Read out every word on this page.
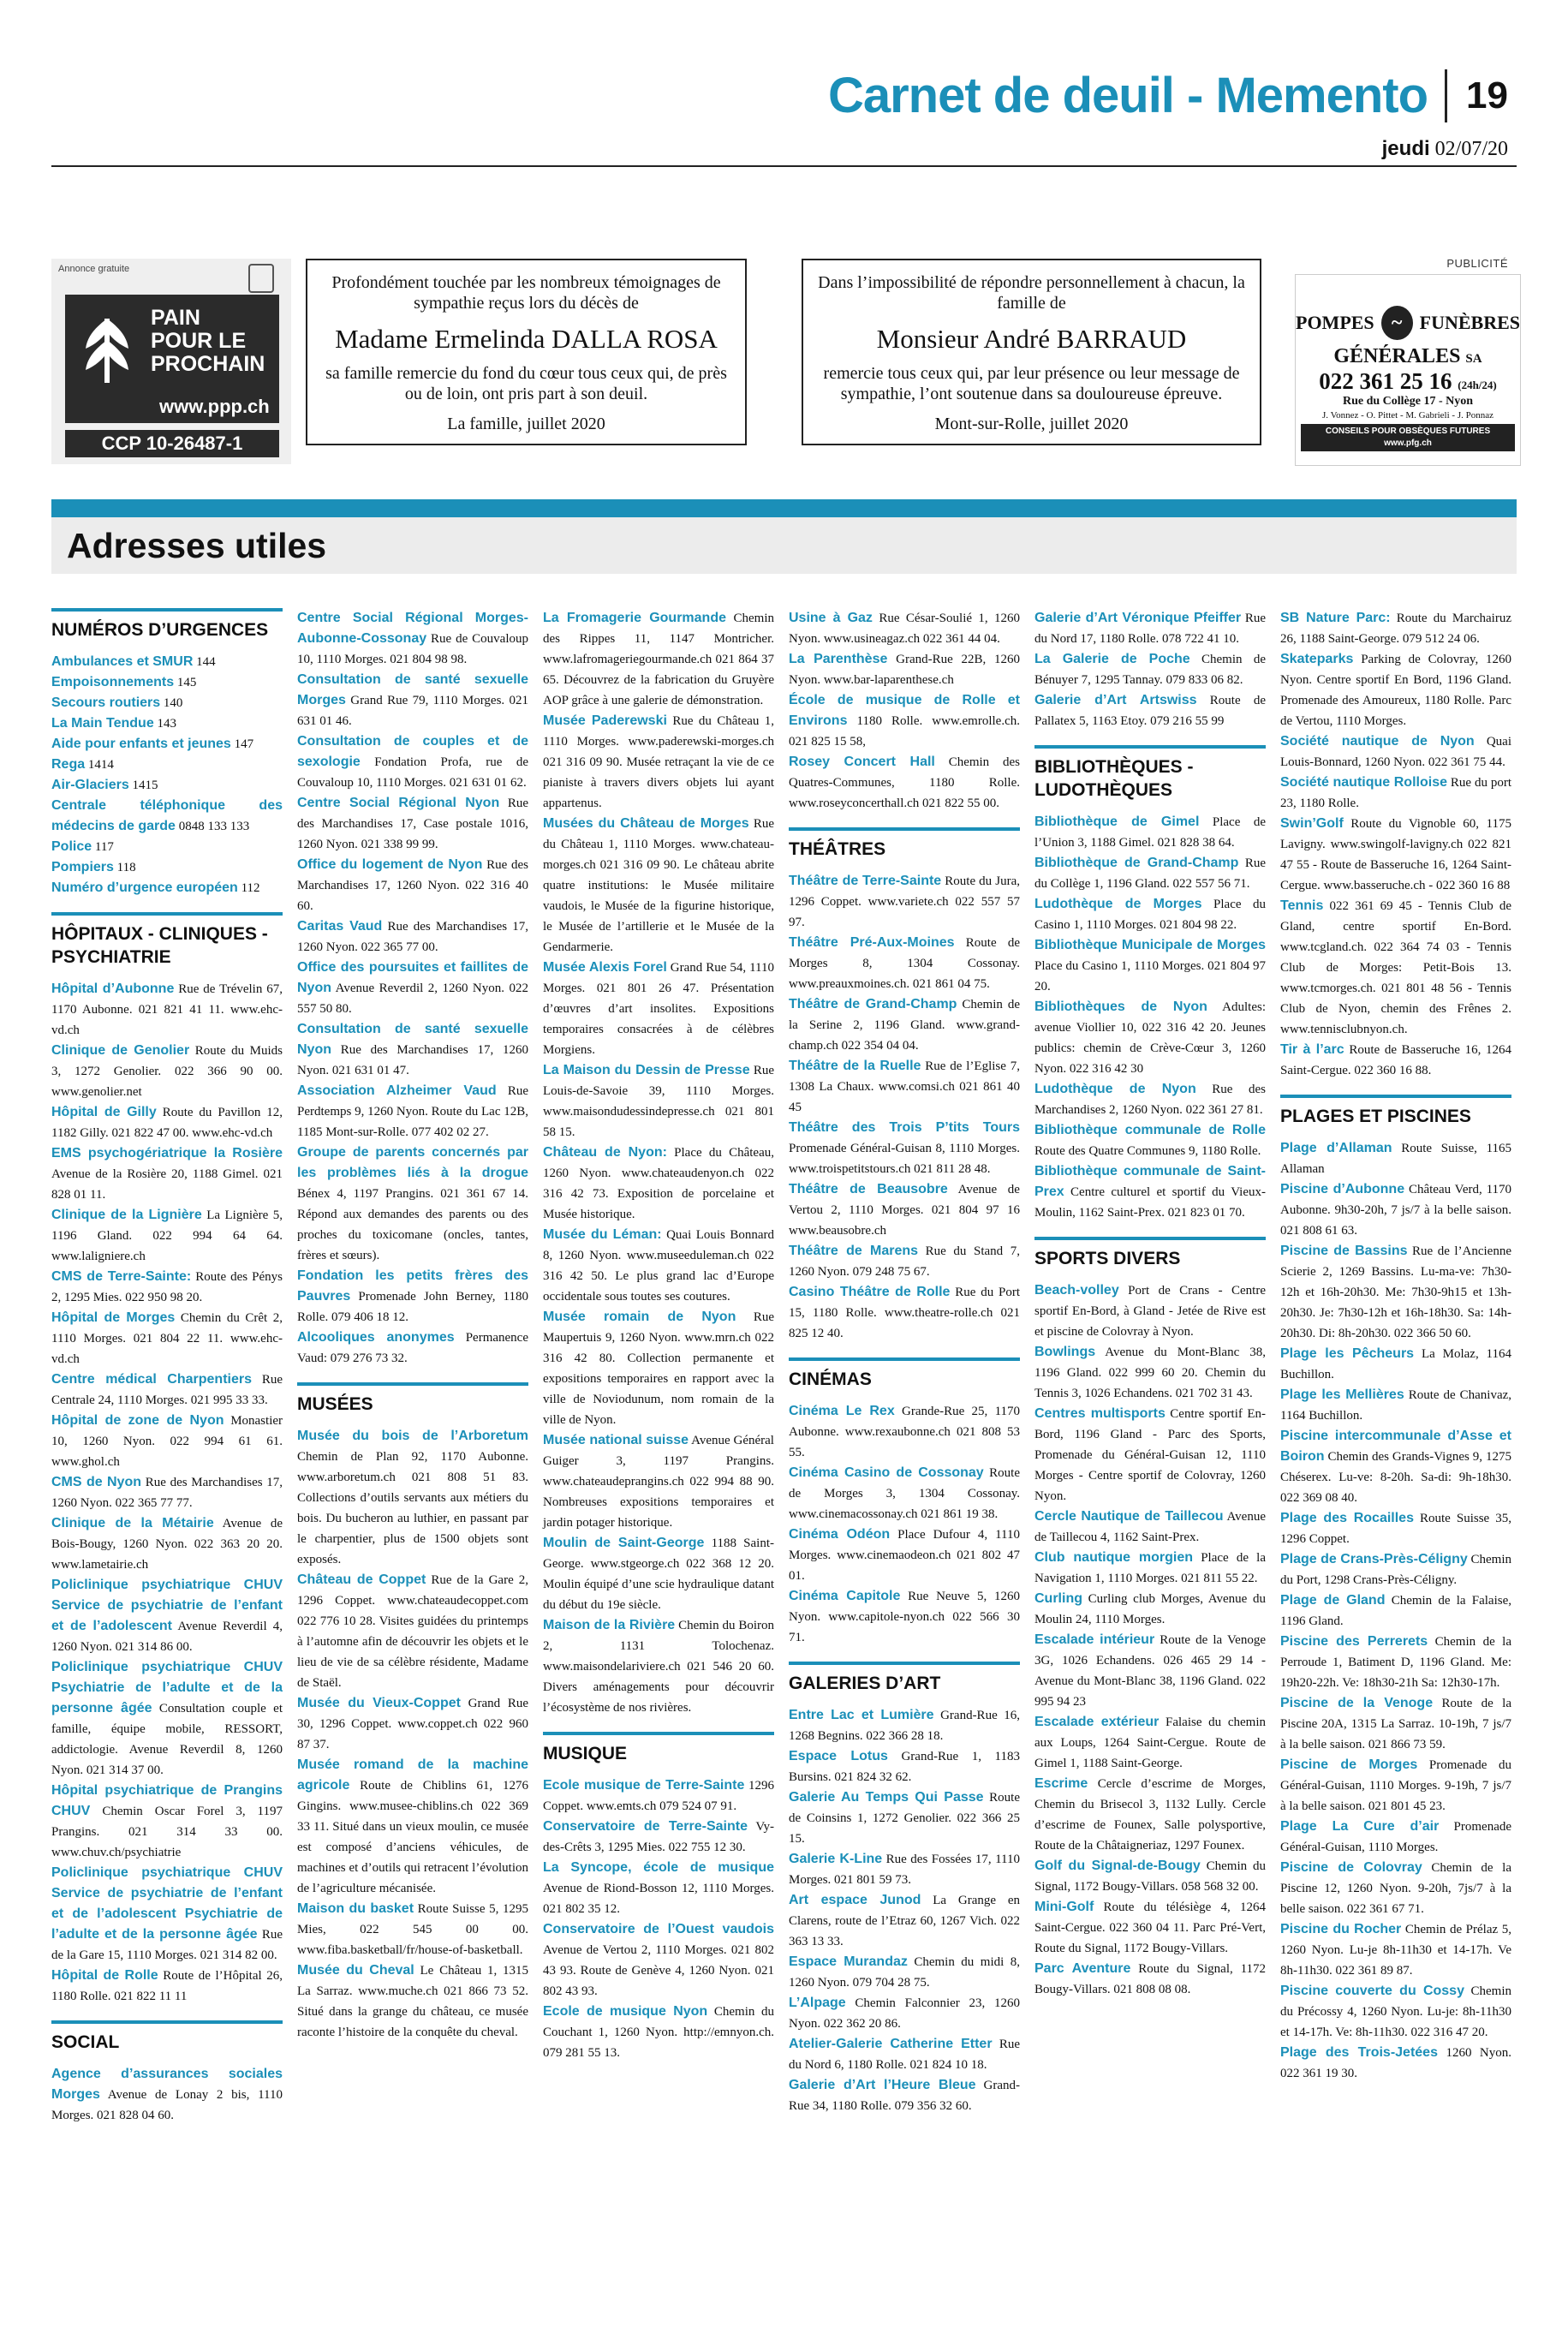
Carnet de deuil - Memento 19
jeudi 02/07/20
PUBLICITÉ
Annonce gratuite
PAIN
POUR LE
PROCHAIN
www.ppp.ch
CCP 10-26487-1
Profondément touchée par les nombreux témoignages de sympathie reçus lors du décès de
Madame Ermelinda DALLA ROSA
sa famille remercie du fond du cœur tous ceux qui, de près ou de loin, ont pris part à son deuil.
La famille, juillet 2020
Dans l’impossibilité de répondre personnellement à chacun, la famille de
Monsieur André BARRAUD
remercie tous ceux qui, par leur présence ou leur message de sympathie, l’ont soutenue dans sa douloureuse épreuve.
Mont-sur-Rolle, juillet 2020
POMPES ~ FUNÈBRES
GÉNÉRALES SA
022 361 25 16 (24h/24)
Rue du Collège 17 - Nyon
J. Vonnez - O. Pittet - M. Gabrieli - J. Ponnaz
CONSEILS POUR OBSÈQUES FUTURES
www.pfg.ch
Adresses utiles
NUMÉROS D’URGENCES

Ambulances et SMUR 144

Empoisonnements 145

Secours routiers 140

La Main Tendue 143

Aide pour enfants et jeunes 147

Rega 1414

Air-Glaciers 1415

Centrale téléphonique des médecins de garde 0848 133 133

Police 117

Pompiers 118

Numéro d’urgence européen 112

HÔPITAUX - CLINIQUES - PSYCHIATRIE

Hôpital d’Aubonne Rue de Trévelin 67, 1170 Aubonne. 021 821 41 11. www.ehc-vd.ch

Clinique de Genolier Route du Muids 3, 1272 Genolier. 022 366 90 00. www.genolier.net

Hôpital de Gilly Route du Pavillon 12, 1182 Gilly. 021 822 47 00. www.ehc-vd.ch

EMS psychogériatrique la Rosière Avenue de la Rosière 20, 1188 Gimel. 021 828 01 11.

Clinique de la Lignière La Lignière 5, 1196 Gland. 022 994 64 64. www.laligniere.ch

CMS de Terre-Sainte: Route des Pénys 2, 1295 Mies. 022 950 98 20.

Hôpital de Morges Chemin du Crêt 2, 1110 Morges. 021 804 22 11. www.ehc-vd.ch

Centre médical Charpentiers Rue Centrale 24, 1110 Morges. 021 995 33 33.

Hôpital de zone de Nyon Monastier 10, 1260 Nyon. 022 994 61 61. www.ghol.ch

CMS de Nyon Rue des Marchandises 17, 1260 Nyon. 022 365 77 77.

Clinique de la Métairie Avenue de Bois-Bougy, 1260 Nyon. 022 363 20 20. www.lametairie.ch

Policlinique psychiatrique CHUV Service de psychiatrie de l’enfant et de l’adolescent Avenue Reverdil 4, 1260 Nyon. 021 314 86 00.

Policlinique psychiatrique CHUV Psychiatrie de l’adulte et de la personne âgée Consultation couple et famille, équipe mobile, RESSORT, addictologie. Avenue Reverdil 8, 1260 Nyon. 021 314 37 00.

Hôpital psychiatrique de Prangins CHUV Chemin Oscar Forel 3, 1197 Prangins. 021 314 33 00. www.chuv.ch/psychiatrie

Policlinique psychiatrique CHUV Service de psychiatrie de l’enfant et de l’adolescent Psychiatrie de l’adulte et de la personne âgée Rue de la Gare 15, 1110 Morges. 021 314 82 00.

Hôpital de Rolle Route de l’Hôpital 26, 1180 Rolle. 021 822 11 11

SOCIAL

Agence d’assurances sociales Morges Avenue de Lonay 2 bis, 1110 Morges. 021 828 04 60.

Centre Social Régional Morges-Aubonne-Cossonay Rue de Couvaloup 10, 1110 Morges. 021 804 98 98.

Consultation de santé sexuelle Morges Grand Rue 79, 1110 Morges. 021 631 01 46.

Consultation de couples et de sexologie Fondation Profa, rue de Couvaloup 10, 1110 Morges. 021 631 01 62.

Centre Social Régional Nyon Rue des Marchandises 17, Case postale 1016, 1260 Nyon. 021 338 99 99.

Office du logement de Nyon Rue des Marchandises 17, 1260 Nyon. 022 316 40 60.

Caritas Vaud Rue des Marchandises 17, 1260 Nyon. 022 365 77 00.

Office des poursuites et faillites de Nyon Avenue Reverdil 2, 1260 Nyon. 022 557 50 80.

Consultation de santé sexuelle Nyon Rue des Marchandises 17, 1260 Nyon. 021 631 01 47.

Association Alzheimer Vaud Rue Perdtemps 9, 1260 Nyon. Route du Lac 12B, 1185 Mont-sur-Rolle. 077 402 02 27.

Groupe de parents concernés par les problèmes liés à la drogue Bénex 4, 1197 Prangins. 021 361 67 14. Répond aux demandes des parents ou des proches du toxicomane (oncles, tantes, frères et sœurs).

Fondation les petits frères des Pauvres Promenade John Berney, 1180 Rolle. 079 406 18 12.

Alcooliques anonymes Permanence Vaud: 079 276 73 32.

MUSÉES

Musée du bois de l’Arboretum Chemin de Plan 92, 1170 Aubonne. www.arboretum.ch 021 808 51 83. Collections d’outils servants aux métiers du bois. Du bucheron au luthier, en passant par le charpentier, plus de 1500 objets sont exposés.

Château de Coppet Rue de la Gare 2, 1296 Coppet. www.chateaudecoppet.com 022 776 10 28. Visites guidées du printemps à l’automne afin de découvrir les objets et le lieu de vie de sa célèbre résidente, Madame de Staël.

Musée du Vieux-Coppet Grand Rue 30, 1296 Coppet. www.coppet.ch 022 960 87 37.

Musée romand de la machine agricole Route de Chiblins 61, 1276 Gingins. www.musee-chiblins.ch 022 369 33 11. Situé dans un vieux moulin, ce musée est composé d’anciens véhicules, de machines et d’outils qui retracent l’évolution de l’agriculture mécanisée.

Maison du basket Route Suisse 5, 1295 Mies, 022 545 00 00. www.fiba.basketball/fr/house-of-basketball.

Musée du Cheval Le Château 1, 1315 La Sarraz. www.muche.ch 021 866 73 52. Situé dans la grange du château, ce musée raconte l’histoire de la conquête du cheval.

La Fromagerie Gourmande Chemin des Rippes 11, 1147 Montricher. www.lafromageriegourmande.ch 021 864 37 65. Découvrez de la fabrication du Gruyère AOP grâce à une galerie de démonstration.

Musée Paderewski Rue du Château 1, 1110 Morges. www.paderewski-morges.ch 021 316 09 90. Musée retraçant la vie de ce pianiste à travers divers objets lui ayant appartenus.

Musées du Château de Morges Rue du Château 1, 1110 Morges. www.chateau-morges.ch 021 316 09 90. Le château abrite quatre institutions: le Musée militaire vaudois, le Musée de la figurine historique, le Musée de l’artillerie et le Musée de la Gendarmerie.

Musée Alexis Forel Grand Rue 54, 1110 Morges. 021 801 26 47. Présentation d’œuvres d’art insolites. Expositions temporaires consacrées à de célèbres Morgiens.

La Maison du Dessin de Presse Rue Louis-de-Savoie 39, 1110 Morges. www.maisondudessindepresse.ch 021 801 58 15.

Château de Nyon: Place du Château, 1260 Nyon. www.chateaudenyon.ch 022 316 42 73. Exposition de porcelaine et Musée historique.

Musée du Léman: Quai Louis Bonnard 8, 1260 Nyon. www.museeduleman.ch 022 316 42 50. Le plus grand lac d’Europe occidentale sous toutes ses coutures.

Musée romain de Nyon Rue Maupertuis 9, 1260 Nyon. www.mrn.ch 022 316 42 80. Collection permanente et expositions temporaires en rapport avec la ville de Noviodunum, nom romain de la ville de Nyon.

Musée national suisse Avenue Général Guiger 3, 1197 Prangins. www.chateaudeprangins.ch 022 994 88 90. Nombreuses expositions temporaires et jardin potager historique.

Moulin de Saint-George 1188 Saint-George. www.stgeorge.ch 022 368 12 20. Moulin équipé d’une scie hydraulique datant du début du 19e siècle.

Maison de la Rivière Chemin du Boiron 2, 1131 Tolochenaz. www.maisondelariviere.ch 021 546 20 60. Divers aménagements pour découvrir l’écosystème de nos rivières.

MUSIQUE

Ecole musique de Terre-Sainte 1296 Coppet. www.emts.ch 079 524 07 91.

Conservatoire de Terre-Sainte Vy-des-Crêts 3, 1295 Mies. 022 755 12 30.

La Syncope, école de musique Avenue de Riond-Bosson 12, 1110 Morges. 021 802 35 12.

Conservatoire de l’Ouest vaudois Avenue de Vertou 2, 1110 Morges. 021 802 43 93. Route de Genève 4, 1260 Nyon. 021 802 43 93.

Ecole de musique Nyon Chemin du Couchant 1, 1260 Nyon. http://emnyon.ch. 079 281 55 13.

Usine à Gaz Rue César-Soulié 1, 1260 Nyon. www.usineagaz.ch 022 361 44 04.

La Parenthèse Grand-Rue 22B, 1260 Nyon. www.bar-laparenthese.ch

École de musique de Rolle et Environs 1180 Rolle. www.emrolle.ch. 021 825 15 58,

Rosey Concert Hall Chemin des Quatres-Communes, 1180 Rolle. www.roseyconcerthall.ch 021 822 55 00.

THÉÂTRES

Théâtre de Terre-Sainte Route du Jura, 1296 Coppet. www.variete.ch 022 557 57 97.

Théâtre Pré-Aux-Moines Route de Morges 8, 1304 Cossonay. www.preauxmoines.ch. 021 861 04 75.

Théâtre de Grand-Champ Chemin de la Serine 2, 1196 Gland. www.grand-champ.ch 022 354 04 04.

Théâtre de la Ruelle Rue de l’Eglise 7, 1308 La Chaux. www.comsi.ch 021 861 40 45

Théâtre des Trois P’tits Tours Promenade Général-Guisan 8, 1110 Morges. www.troispetitstours.ch 021 811 28 48.

Théâtre de Beausobre Avenue de Vertou 2, 1110 Morges. 021 804 97 16 www.beausobre.ch

Théâtre de Marens Rue du Stand 7, 1260 Nyon. 079 248 75 67.

Casino Théâtre de Rolle Rue du Port 15, 1180 Rolle. www.theatre-rolle.ch 021 825 12 40.

CINÉMAS

Cinéma Le Rex Grande-Rue 25, 1170 Aubonne. www.rexaubonne.ch 021 808 53 55.

Cinéma Casino de Cossonay Route de Morges 3, 1304 Cossonay. www.cinemacossonay.ch 021 861 19 38.

Cinéma Odéon Place Dufour 4, 1110 Morges. www.cinemaodeon.ch 021 802 47 01.

Cinéma Capitole Rue Neuve 5, 1260 Nyon. www.capitole-nyon.ch 022 566 30 71.

GALERIES D’ART

Entre Lac et Lumière Grand-Rue 16, 1268 Begnins. 022 366 28 18.

Espace Lotus Grand-Rue 1, 1183 Bursins. 021 824 32 62.

Galerie Au Temps Qui Passe Route de Coinsins 1, 1272 Genolier. 022 366 25 15.

Galerie K-Line Rue des Fossées 17, 1110 Morges. 021 801 59 73.

Art espace Junod La Grange en Clarens, route de l’Etraz 60, 1267 Vich. 022 363 13 33.

Espace Murandaz Chemin du midi 8, 1260 Nyon. 079 704 28 75.

L’Alpage Chemin Falconnier 23, 1260 Nyon. 022 362 20 86.

Atelier-Galerie Catherine Etter Rue du Nord 6, 1180 Rolle. 021 824 10 18.

Galerie d’Art l’Heure Bleue Grand-Rue 34, 1180 Rolle. 079 356 32 60.

Galerie d’Art Véronique Pfeiffer Rue du Nord 17, 1180 Rolle. 078 722 41 10.

La Galerie de Poche Chemin de Bénuyer 7, 1295 Tannay. 079 833 06 82.

Galerie d’Art Artswiss Route de Pallatex 5, 1163 Etoy. 079 216 55 99

BIBLIOTHÈQUES - LUDOTHÈQUES

Bibliothèque de Gimel Place de l’Union 3, 1188 Gimel. 021 828 38 64.

Bibliothèque de Grand-Champ Rue du Collège 1, 1196 Gland. 022 557 56 71.

Ludothèque de Morges Place du Casino 1, 1110 Morges. 021 804 98 22.

Bibliothèque Municipale de Morges Place du Casino 1, 1110 Morges. 021 804 97 20.

Bibliothèques de Nyon Adultes: avenue Viollier 10, 022 316 42 20. Jeunes publics: chemin de Crève-Cœur 3, 1260 Nyon. 022 316 42 30

Ludothèque de Nyon Rue des Marchandises 2, 1260 Nyon. 022 361 27 81.

Bibliothèque communale de Rolle Route des Quatre Communes 9, 1180 Rolle.

Bibliothèque communale de Saint-Prex Centre culturel et sportif du Vieux-Moulin, 1162 Saint-Prex. 021 823 01 70.

SPORTS DIVERS

Beach-volley Port de Crans - Centre sportif En-Bord, à Gland - Jetée de Rive est et piscine de Colovray à Nyon.

Bowlings Avenue du Mont-Blanc 38, 1196 Gland. 022 999 60 20. Chemin du Tennis 3, 1026 Echandens. 021 702 31 43.

Centres multisports Centre sportif En-Bord, 1196 Gland - Parc des Sports, Promenade du Général-Guisan 12, 1110 Morges - Centre sportif de Colovray, 1260 Nyon.

Cercle Nautique de Taillecou Avenue de Taillecou 4, 1162 Saint-Prex.

Club nautique morgien Place de la Navigation 1, 1110 Morges. 021 811 55 22.

Curling Curling club Morges, Avenue du Moulin 24, 1110 Morges.

Escalade intérieur Route de la Venoge 3G, 1026 Echandens. 026 465 29 14 - Avenue du Mont-Blanc 38, 1196 Gland. 022 995 94 23

Escalade extérieur Falaise du chemin aux Loups, 1264 Saint-Cergue. Route de Gimel 1, 1188 Saint-George.

Escrime Cercle d’escrime de Morges, Chemin du Brisecol 3, 1132 Lully. Cercle d’escrime de Founex, Salle polysportive, Route de la Châtaigneriaz, 1297 Founex.

Golf du Signal-de-Bougy Chemin du Signal, 1172 Bougy-Villars. 058 568 32 00.

Mini-Golf Route du télésiège 4, 1264 Saint-Cergue. 022 360 04 11. Parc Pré-Vert, Route du Signal, 1172 Bougy-Villars.

Parc Aventure Route du Signal, 1172 Bougy-Villars. 021 808 08 08.

SB Nature Parc: Route du Marchairuz 26, 1188 Saint-George. 079 512 24 06.

Skateparks Parking de Colovray, 1260 Nyon. Centre sportif En Bord, 1196 Gland. Promenade des Amoureux, 1180 Rolle. Parc de Vertou, 1110 Morges.

Société nautique de Nyon Quai Louis-Bonnard, 1260 Nyon. 022 361 75 44.

Société nautique Rolloise Rue du port 23, 1180 Rolle.

Swin’Golf Route du Vignoble 60, 1175 Lavigny. www.swingolf-lavigny.ch 022 821 47 55 - Route de Basseruche 16, 1264 Saint-Cergue. www.basseruche.ch - 022 360 16 88

Tennis 022 361 69 45 - Tennis Club de Gland, centre sportif En-Bord. www.tcgland.ch. 022 364 74 03 - Tennis Club de Morges: Petit-Bois 13. www.tcmorges.ch. 021 801 48 56 - Tennis Club de Nyon, chemin des Frênes 2. www.tennisclubnyon.ch.

Tir à l’arc Route de Basseruche 16, 1264 Saint-Cergue. 022 360 16 88.

PLAGES ET PISCINES

Plage d’Allaman Route Suisse, 1165 Allaman

Piscine d’Aubonne Château Verd, 1170 Aubonne. 9h30-20h, 7 js/7 à la belle saison. 021 808 61 63.

Piscine de Bassins Rue de l’Ancienne Scierie 2, 1269 Bassins. Lu-ma-ve: 7h30-12h et 16h-20h30. Me: 7h30-9h15 et 13h-20h30. Je: 7h30-12h et 16h-18h30. Sa: 14h-20h30. Di: 8h-20h30. 022 366 50 60.

Plage les Pêcheurs La Molaz, 1164 Buchillon.

Plage les Mellières Route de Chanivaz, 1164 Buchillon.

Piscine intercommunale d’Asse et Boiron Chemin des Grands-Vignes 9, 1275 Chéserex. Lu-ve: 8-20h. Sa-di: 9h-18h30. 022 369 08 40.

Plage des Rocailles Route Suisse 35, 1296 Coppet.

Plage de Crans-Près-Céligny Chemin du Port, 1298 Crans-Près-Céligny.

Plage de Gland Chemin de la Falaise, 1196 Gland.

Piscine des Perrerets Chemin de la Perroude 1, Batiment D, 1196 Gland. Me: 19h20-22h. Ve: 18h30-21h Sa: 12h30-17h.

Piscine de la Venoge Route de la Piscine 20A, 1315 La Sarraz. 10-19h, 7 js/7 à la belle saison. 021 866 73 59.

Piscine de Morges Promenade du Général-Guisan, 1110 Morges. 9-19h, 7 js/7 à la belle saison. 021 801 45 23.

Plage La Cure d’air Promenade Général-Guisan, 1110 Morges.

Piscine de Colovray Chemin de la Piscine 12, 1260 Nyon. 9-20h, 7js/7 à la belle saison. 022 361 67 71.

Piscine du Rocher Chemin de Prélaz 5, 1260 Nyon. Lu-je 8h-11h30 et 14-17h. Ve 8h-11h30. 022 361 89 87.

Piscine couverte du Cossy Chemin du Précossy 4, 1260 Nyon. Lu-je: 8h-11h30 et 14-17h. Ve: 8h-11h30. 022 316 47 20.

Plage des Trois-Jetées 1260 Nyon. 022 361 19 30.
